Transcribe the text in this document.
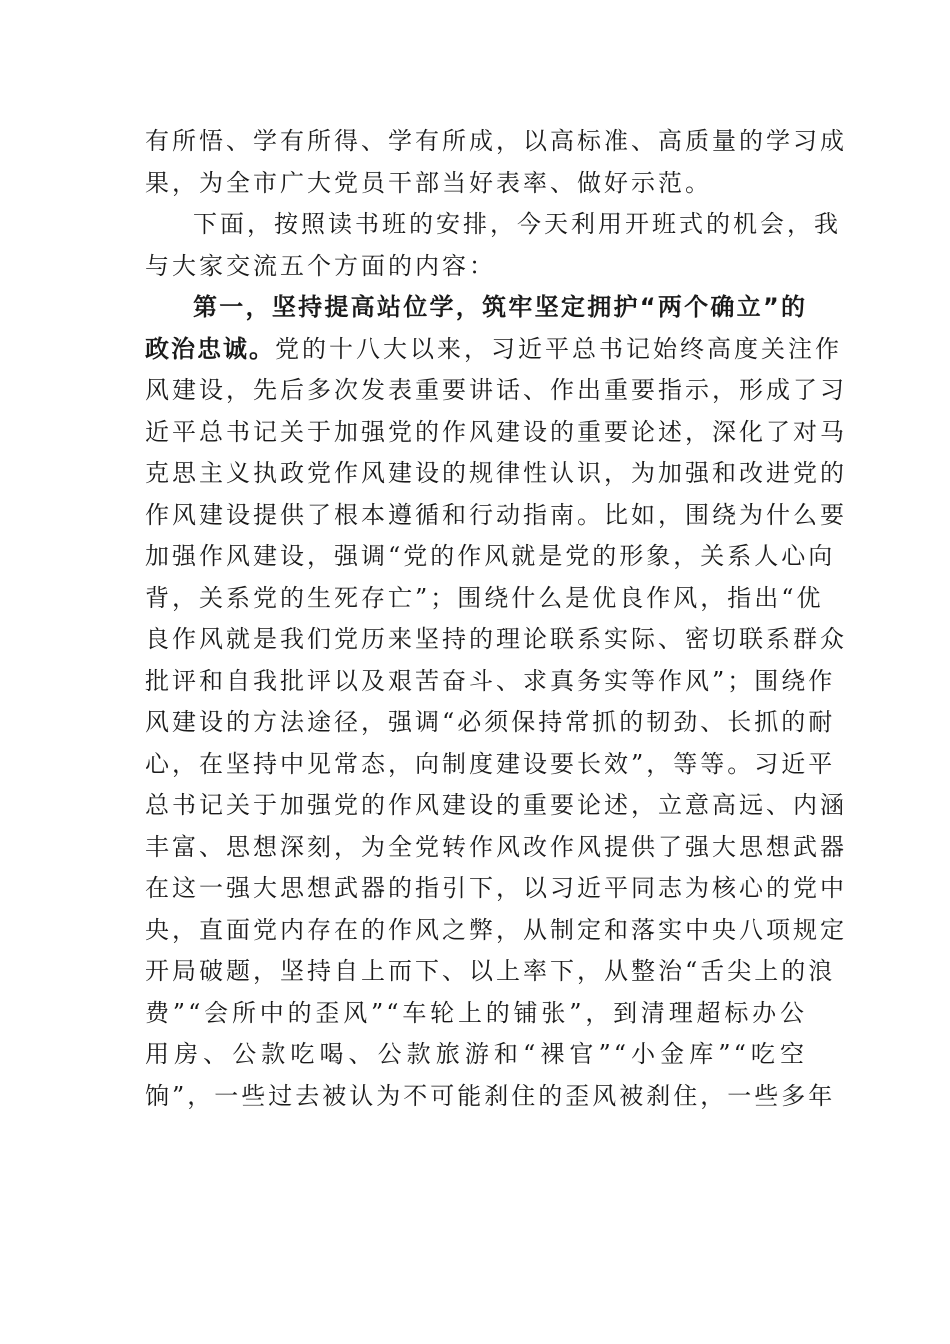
有所悟、学有所得、学有所成，以高标准、高质量的学习成
果，为全市广大党员干部当好表率、做好示范。
下面，按照读书班的安排，今天利用开班式的机会，我
与大家交流五个方面的内容：
第一，坚持提高站位学，筑牢坚定拥护“两个确立”的
政治忠诚。党的十八大以来，习近平总书记始终高度关注作
风建设，先后多次发表重要讲话、作出重要指示，形成了习
近平总书记关于加强党的作风建设的重要论述，深化了对马
克思主义执政党作风建设的规律性认识，为加强和改进党的
作风建设提供了根本遵循和行动指南。比如，围绕为什么要
加强作风建设，强调“党的作风就是党的形象，关系人心向
背，关系党的生死存亡”；围绕什么是优良作风，指出“优
良作风就是我们党历来坚持的理论联系实际、密切联系群众
批评和自我批评以及艰苦奋斗、求真务实等作风”；围绕作
风建设的方法途径，强调“必须保持常抓的韧劲、长抓的耐
心，在坚持中见常态，向制度建设要长效”，等等。习近平
总书记关于加强党的作风建设的重要论述，立意高远、内涵
丰富、思想深刻，为全党转作风改作风提供了强大思想武器
在这一强大思想武器的指引下，以习近平同志为核心的党中
央，直面党内存在的作风之弊，从制定和落实中央八项规定
开局破题，坚持自上而下、以上率下，从整治“舌尖上的浪
费”“会所中的歪风”“车轮上的铺张”，到清理超标办公
用房、公款吃喝、公款旅游和“裸官”“小金库”“吃空
饷”，一些过去被认为不可能刹住的歪风被刹住，一些多年
